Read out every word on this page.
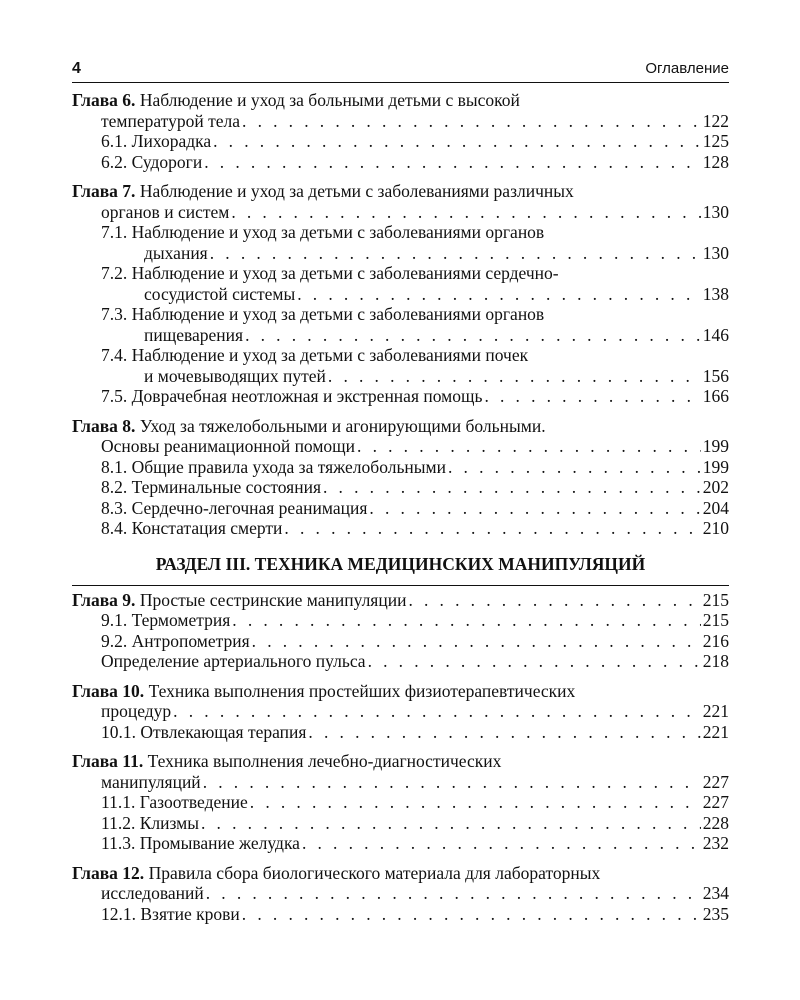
4	Оглавление
Глава 6. Наблюдение и уход за больными детьми с высокой
температурой тела . . .	122
6.1. Лихорадка . . .	125
6.2. Судороги . . .	128
Глава 7. Наблюдение и уход за детьми с заболеваниями различных
органов и систем . . .	130
7.1. Наблюдение и уход за детьми с заболеваниями органов
дыхания . . .	130
7.2. Наблюдение и уход за детьми с заболеваниями сердечно-
сосудистой системы . . .	138
7.3. Наблюдение и уход за детьми с заболеваниями органов
пищеварения . . .	146
7.4. Наблюдение и уход за детьми с заболеваниями почек
и мочевыводящих путей . . .	156
7.5. Доврачебная неотложная и экстренная помощь . . .	166
Глава 8. Уход за тяжелобольными и агонирующими больными.
Основы реанимационной помощи . . .	199
8.1. Общие правила ухода за тяжелобольными . . .	199
8.2. Терминальные состояния . . .	202
8.3. Сердечно-легочная реанимация . . .	204
8.4. Констатация смерти . . .	210
РАЗДЕЛ III. ТЕХНИКА МЕДИЦИНСКИХ МАНИПУЛЯЦИЙ
Глава 9. Простые сестринские манипуляции . . .	215
9.1. Термометрия . . .	215
9.2. Антропометрия . . .	216
Определение артериального пульса . . .	218
Глава 10. Техника выполнения простейших физиотерапевтических
процедур . . .	221
10.1. Отвлекающая терапия . . .	221
Глава 11. Техника выполнения лечебно-диагностических
манипуляций . . .	227
11.1. Газоотведение . . .	227
11.2. Клизмы . . .	228
11.3. Промывание желудка . . .	232
Глава 12. Правила сбора биологического материала для лабораторных
исследований . . .	234
12.1. Взятие крови . . .	235
